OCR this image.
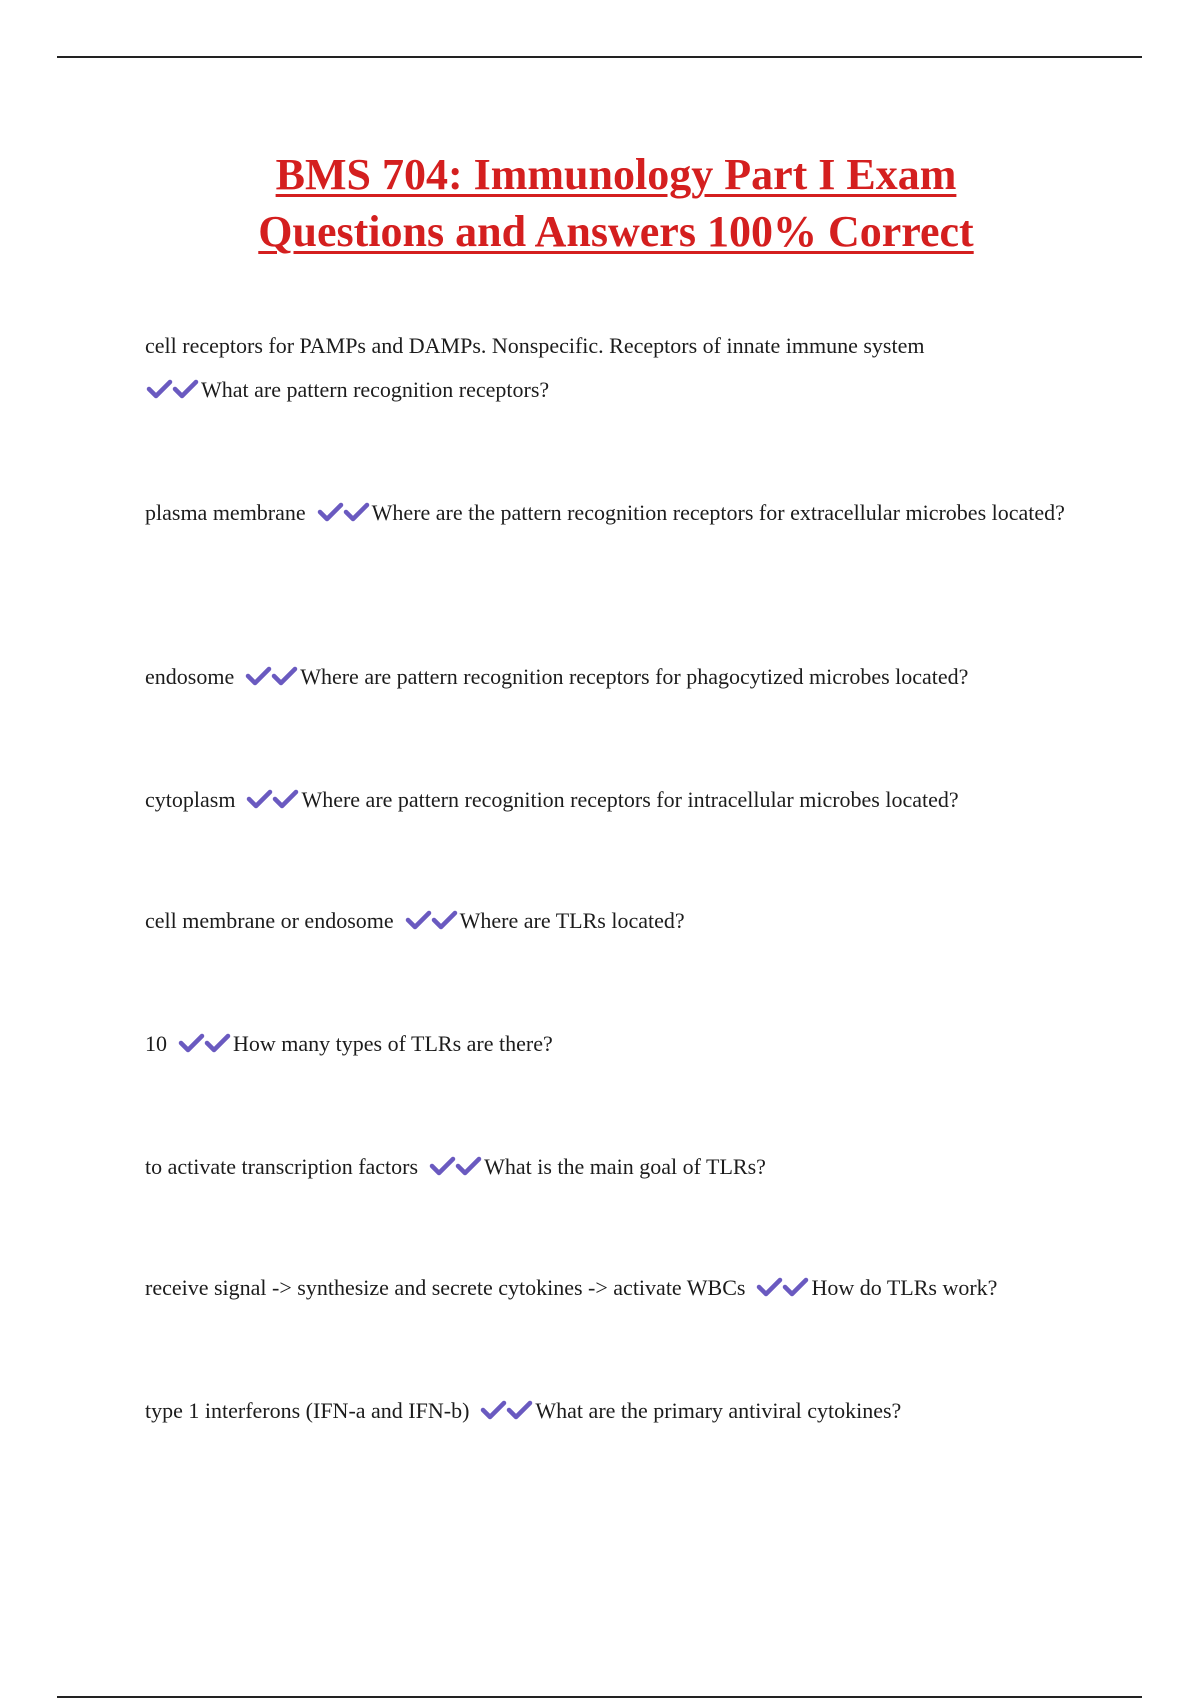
BMS 704: Immunology Part I Exam
Questions and Answers 100% Correct
cell receptors for PAMPs and DAMPs. Nonspecific. Receptors of innate immune system
What are pattern recognition receptors?
plasma membrane	Where are the pattern recognition receptors for extracellular microbes located?
endosome	Where are pattern recognition receptors for phagocytized microbes located?
cytoplasm	Where are pattern recognition receptors for intracellular microbes located?
cell membrane or endosome	Where are TLRs located?
10	How many types of TLRs are there?
to activate transcription factors	What is the main goal of TLRs?
receive signal -> synthesize and secrete cytokines -> activate WBCs	How do TLRs work?
type 1 interferons (IFN-a and IFN-b)	What are the primary antiviral cytokines?
